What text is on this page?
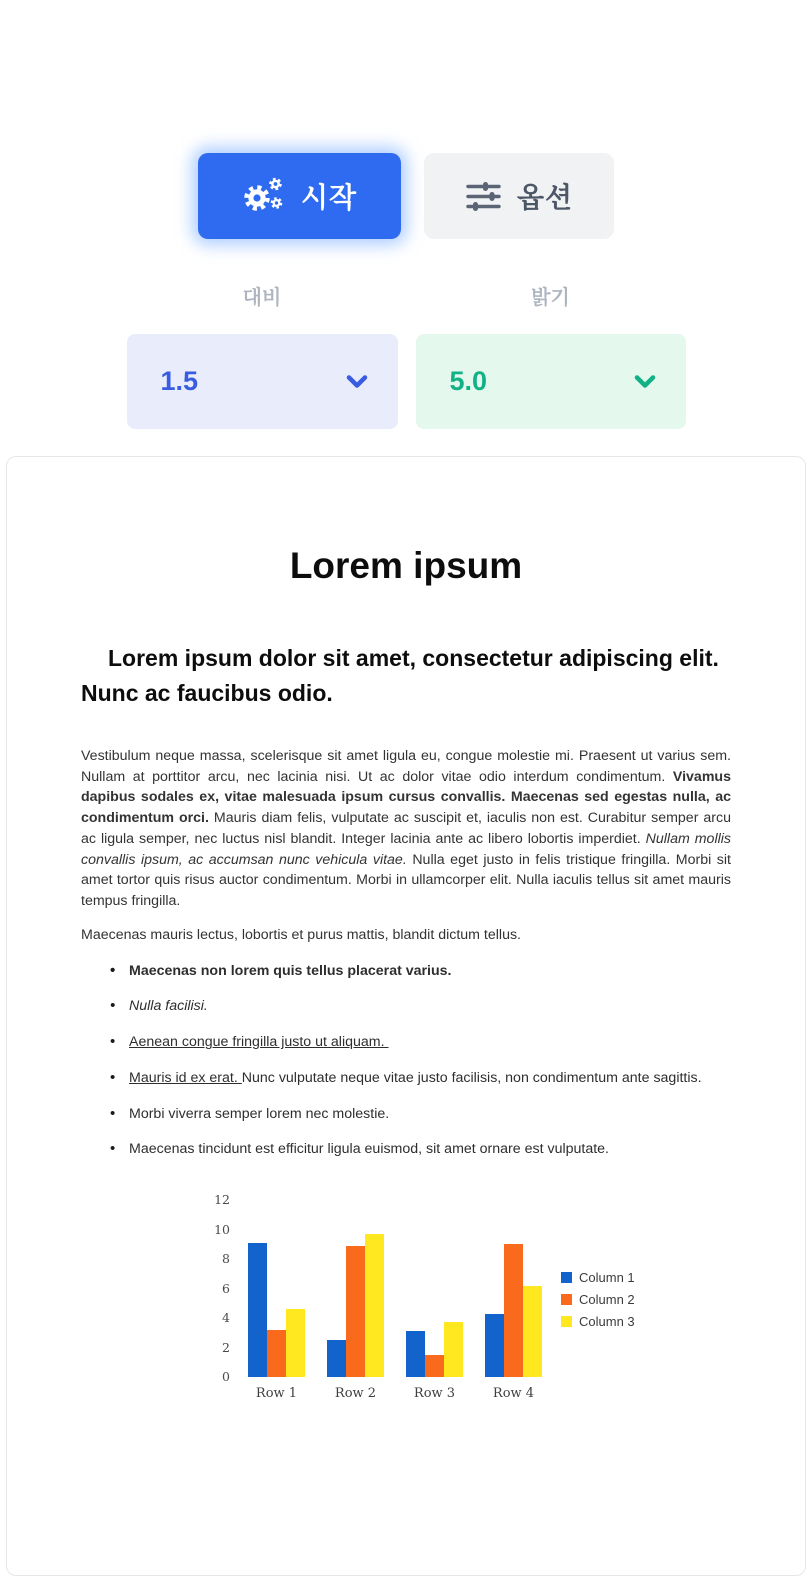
시작	옵션
대비	밝기
1.5	5.0
Lorem ipsum
Lorem ipsum dolor sit amet, consectetur adipiscing elit. Nunc ac faucibus odio.

Vestibulum neque massa, scelerisque sit amet ligula eu, congue molestie mi. Praesent ut varius sem. Nullam at porttitor arcu, nec lacinia nisi. Ut ac dolor vitae odio interdum condimentum. Vivamus dapibus sodales ex, vitae malesuada ipsum cursus convallis. Maecenas sed egestas nulla, ac condimentum orci. Mauris diam felis, vulputate ac suscipit et, iaculis non est. Curabitur semper arcu ac ligula semper, nec luctus nisl blandit. Integer lacinia ante ac libero lobortis imperdiet. Nullam mollis convallis ipsum, ac accumsan nunc vehicula vitae. Nulla eget justo in felis tristique fringilla. Morbi sit amet tortor quis risus auctor condimentum. Morbi in ullamcorper elit. Nulla iaculis tellus sit amet mauris tempus fringilla.

Maecenas mauris lectus, lobortis et purus mattis, blandit dictum tellus.

• Maecenas non lorem quis tellus placerat varius.
• Nulla facilisi.
• Aenean congue fringilla justo ut aliquam.
• Mauris id ex erat. Nunc vulputate neque vitae justo facilisis, non condimentum ante sagittis.
• Morbi viverra semper lorem nec molestie.
• Maecenas tincidunt est efficitur ligula euismod, sit amet ornare est vulputate.
0
2
4
6
8
10
12
Row 1	Row 2	Row 3	Row 4
Column 1
Column 2
Column 3
